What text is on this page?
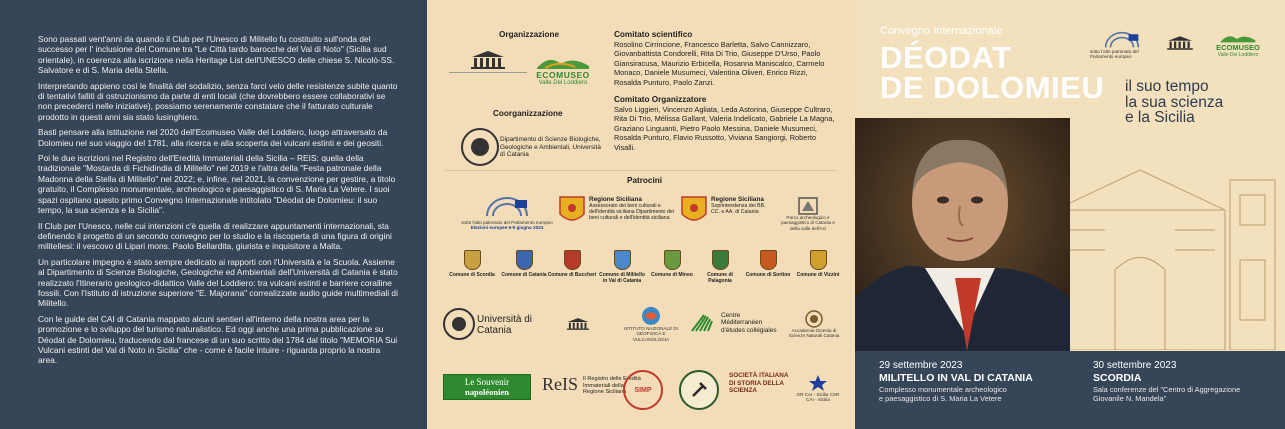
Sono passati vent'anni da quando il Club per l'Unesco di Militello fu costituito sull'onda del successo per l' inclusione del Comune tra "Le Città tardo barocche del Val di Noto" (Sicilia sud orientale), in coerenza alla iscrizione nella Heritage List dell'UNESCO delle chiese S. Nicolò-SS. Salvatore e di S. Maria della Stella.

Interpretando appieno così le finalità del sodalizio, senza farci velo delle resistenze subite quanto di tentativi falliti di ostruzionismo da parte di enti locali (che dovrebbero essere collaborativi se non precederci nelle iniziative), possiamo serenamente constatare che il fatturato culturale prodotto in questi anni sia stato lusinghiero.

Basti pensare alla istituzione nel 2020 dell'Ecomuseo Valle del Loddiero, luogo attraversato da Dolomieu nel suo viaggio del 1781, alla ricerca e alla scoperta dei vulcani estinti e dei geositi.

Poi le due iscrizioni nel Registro dell'Eredità Immateriali della Sicilia – REIS: quella della tradizionale "Mostarda di Fichidindia di Militello" nel 2019 e l'altra della "Festa patronale della Madonna della Stella di Militello" nel 2022; e, infine, nel 2021, la convenzione per gestire, a titolo gratuito, il Complesso monumentale, archeologico e paesaggistico di S. Maria La Vetere. I suoi spazi ospitano questo primo Convegno Internazionale intitolato "Déodat de Dolomieu: il suo tempo, la sua scienza e la Sicilia".

Il Club per l'Unesco, nelle cui intenzioni c'è quella di realizzare appuntamenti internazionali, sta definendo il progetto di un secondo convegno per lo studio e la riscoperta di una figura di origini militellesi: il vescovo di Lipari mons. Paolo Bellardita, giurista e inquisitore a Malta.

Un particolare impegno è stato sempre dedicato ai rapporti con l'Università e la Scuola. Assieme al Dipartimento di Scienze Biologiche, Geologiche ed Ambientali dell'Università di Catania è stato realizzato l'Itinerario geologico-didattico Valle del Loddiero: tra vulcani estinti e barriere coralline fossili. Con l'Istituto di istruzione superiore "E. Majorana" correalizzate audio guide multimediali di Militello.

Con le guide del CAI di Catania mappato alcuni sentieri all'interno della nostra area per la promozione e lo sviluppo del turismo naturalistico. Ed oggi anche una prima pubblicazione su Déodat de Dolomieu, traducendo dal francese di un suo scritto del 1784 dal titolo "MEMORIA Sui Vulcani estinti del Val di Noto in Sicilia" che - come è facile intuire - riguarda proprio la nostra area.

Organizzazione
ECOMUSEO
Valle Del Loddiero
Coorganizzazione
Dipartimento di Scienze Biologiche, Geologiche e Ambientali, Università di Catania
Comitato scientifico
Rosolino Cirrincione, Francesco Barletta, Salvo Cannizzaro, Giovanbattista Condorelli, Rita Di Trio, Giuseppe D'Urso, Paolo Giansiracusa, Maurizio Erbicella, Rosanna Maniscalco, Carmelo Monaco, Daniele Musumeci, Valentina Oliveri, Enrico Rizzi, Rosalda Punturo, Paolo Zanzi.
Comitato Organizzatore
Salvo Liggieri, Vincenzo Agliata, Leda Astorina, Giuseppe Cultraro, Rita Di Trio, Mélissa Gallant, Valeria Indelicato, Gabriele La Magna, Graziano Linguanti, Pietro Paolo Messina, Daniele Musumeci, Rosalda Punturo, Flavio Russotto, Viviana Sangiorgi, Roberto Visalli.
Patrocini
sotto l'alto patronato del Parlamento europeo
Elezioni europee 6-9 giugno 2024
Regione Siciliana
Assessorato dei beni culturali e dell'identità siciliana Dipartimento dei beni culturali e dell'identità siciliana
Regione Siciliana
Soprintendenza dei BB. CC. e AA. di Catania
Parco archeologico e paesaggistico di Catania e della valle dell'Aci
Comune di Scordia	Comune di Catania Comune di Buccheri Comune di Militello in Val di Catania
Comune di Mineo	Comune di Palagonia
Comune di Sortino	Comune di Vizzini
Università di Catania	ISTITUTO NAZIONALE DI GEOFISICA E VULCANOLOGIA
Centre Méditerranéen d'études collégiales	Accademia Gioenia di Scienze Naturali Catania
Le Souvenir
napoléonien ReIS Il Registro delle Eredità Immateriali della Regione Siciliana	SIMP
SOCIETÀ ITALIANA DI STORIA DELLA SCIENZA	GR CAI - Sicilia CSR CAI - Sicilia
Convegno Internazionale
DÉODAT
DE DOLOMIEU il suo tempo
la sua scienza
e la Sicilia
sotto l'alto patronato del Parlamento europeo
ECOMUSEO
Valle Del Loddiero
29 settembre 2023
MILITELLO IN VAL DI CATANIA
Complesso monumentale archeologico
e paesaggistico di S. Maria La Vetere
30 settembre 2023
SCORDIA
Sala conferenze del "Centro di Aggregazione
Giovanile N. Mandela"
